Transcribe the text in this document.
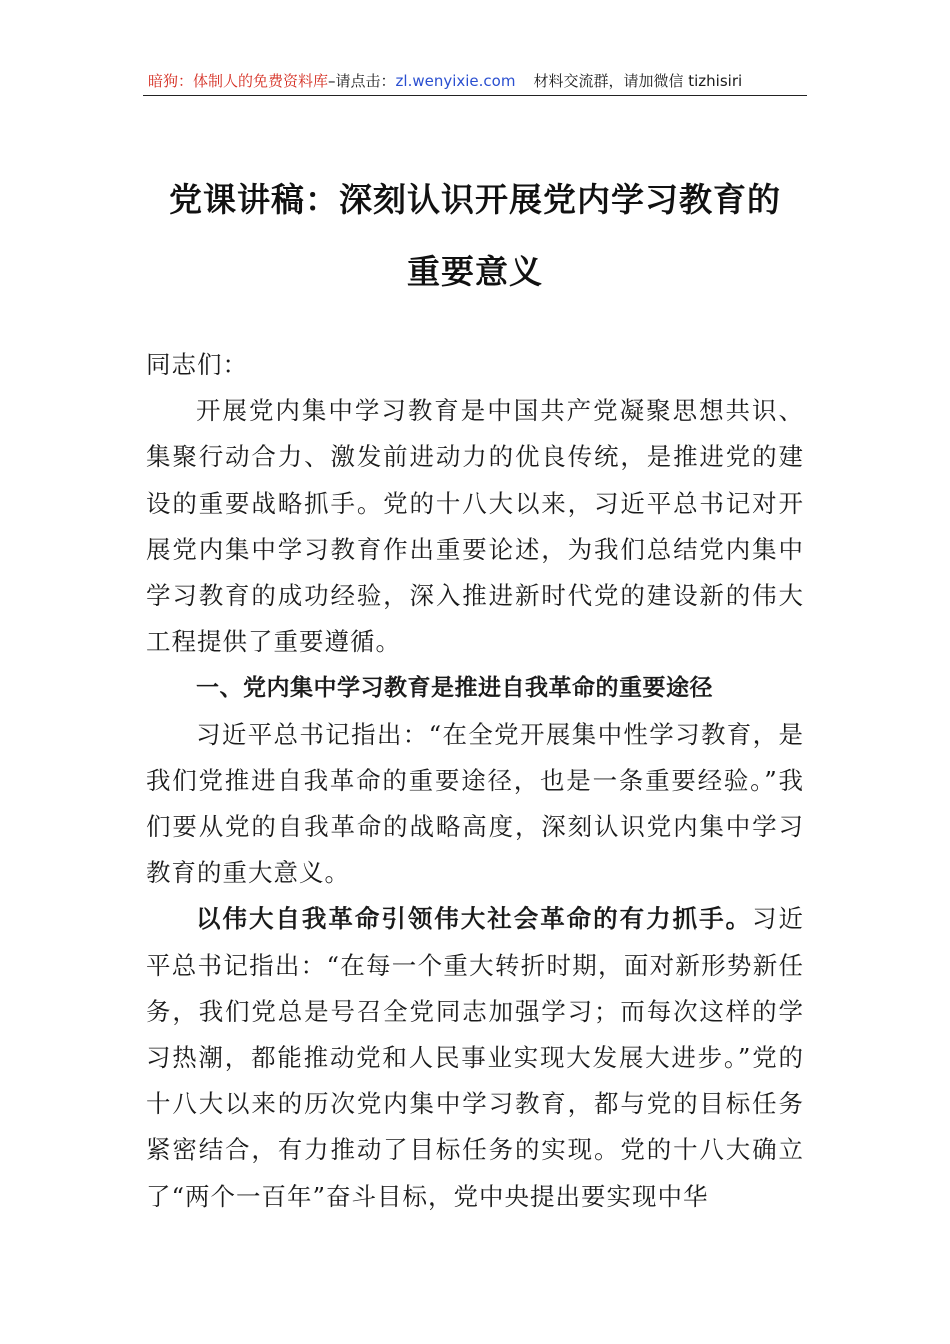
暗狗：体制人的免费资料库–请点击：zl.wenyixie.com 材料交流群，请加微信 tizhisiri
党课讲稿：深刻认识开展党内学习教育的
重要意义

同志们：

开展党内集中学习教育是中国共产党凝聚思想共识、集聚行动合力、激发前进动力的优良传统，是推进党的建设的重要战略抓手。党的十八大以来，习近平总书记对开展党内集中学习教育作出重要论述，为我们总结党内集中学习教育的成功经验，深入推进新时代党的建设新的伟大工程提供了重要遵循。

一、党内集中学习教育是推进自我革命的重要途径

习近平总书记指出：“在全党开展集中性学习教育，是我们党推进自我革命的重要途径，也是一条重要经验。”我们要从党的自我革命的战略高度，深刻认识党内集中学习教育的重大意义。

以伟大自我革命引领伟大社会革命的有力抓手。习近平总书记指出：“在每一个重大转折时期，面对新形势新任务，我们党总是号召全党同志加强学习；而每次这样的学习热潮，都能推动党和人民事业实现大发展大进步。”党的十八大以来的历次党内集中学习教育，都与党的目标任务紧密结合，有力推动了目标任务的实现。党的十八大确立了“两个一百年”奋斗目标，党中央提出要实现中华
